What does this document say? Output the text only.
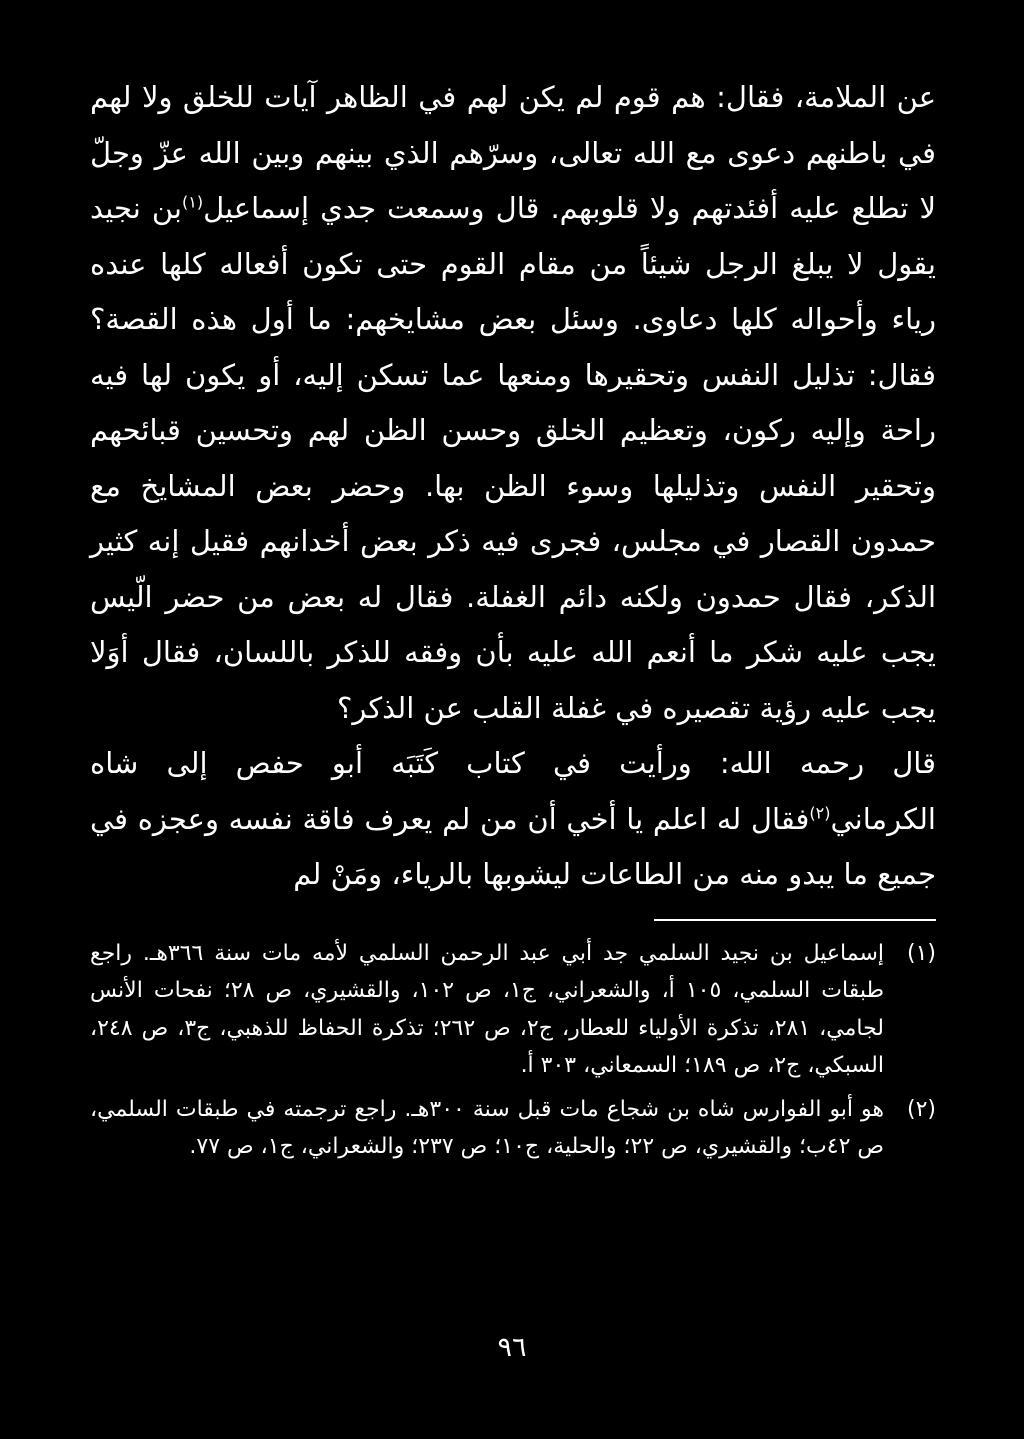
عن الملامة، فقال: هم قوم لم يكن لهم في الظاهر آيات للخلق ولا لهم في باطنهم دعوى مع الله تعالى، وسرّهم الذي بينهم وبين الله عزّ وجلّ لا تطلع عليه أفئدتهم ولا قلوبهم. قال وسمعت جدي إسماعيل$^{(١)}$بن نجيد يقول لا يبلغ الرجل شيئاً من مقام القوم حتى تكون أفعاله كلها عنده رياء وأحواله كلها دعاوى. وسئل بعض مشايخهم: ما أول هذه القصة؟ فقال: تذليل النفس وتحقيرها ومنعها عما تسكن إليه، أو يكون لها فيه راحة وإليه ركون، وتعظيم الخلق وحسن الظن لهم وتحسين قبائحهم وتحقير النفس وتذليلها وسوء الظن بها. وحضر بعض المشايخ مع حمدون القصار في مجلس، فجرى فيه ذكر بعض أخدانهم فقيل إنه كثير الذكر، فقال حمدون ولكنه دائم الغفلة. فقال له بعض من حضر الّيس يجب عليه شكر ما أنعم الله عليه بأن وفقه للذكر باللسان، فقال أوَلا يجب عليه رؤية تقصيره في غفلة القلب عن الذكر؟

قال رحمه الله: ورأيت في كتاب كَتَبَه أبو حفص إلى شاه الكرماني$^{(٢)}$فقال له اعلم يا أخي أن من لم يعرف فاقة نفسه وعجزه في جميع ما يبدو منه من الطاعات ليشوبها بالرياء، ومَنْ لم

(١)
إسماعيل بن نجيد السلمي جد أبي عبد الرحمن السلمي لأمه مات سنة ٣٦٦هـ. راجع طبقات السلمي، ١٠٥ أ، والشعراني، ج١، ص ١٠٢، والقشيري، ص ٢٨؛ نفحات الأنس لجامي، ٢٨١، تذكرة الأولياء للعطار، ج٢، ص ٢٦٢؛ تذكرة الحفاظ للذهبي، ج٣، ص ٢٤٨، السبكي، ج٢، ص ١٨٩؛ السمعاني، ٣٠٣ أ.
(٢)
هو أبو الفوارس شاه بن شجاع مات قبل سنة ٣٠٠هـ. راجع ترجمته في طبقات السلمي، ص ٤٢ب؛ والقشيري، ص ٢٢؛ والحلية، ج١٠؛ ص ٢٣٧؛ والشعراني، ج١، ص ٧٧.
٩٦
